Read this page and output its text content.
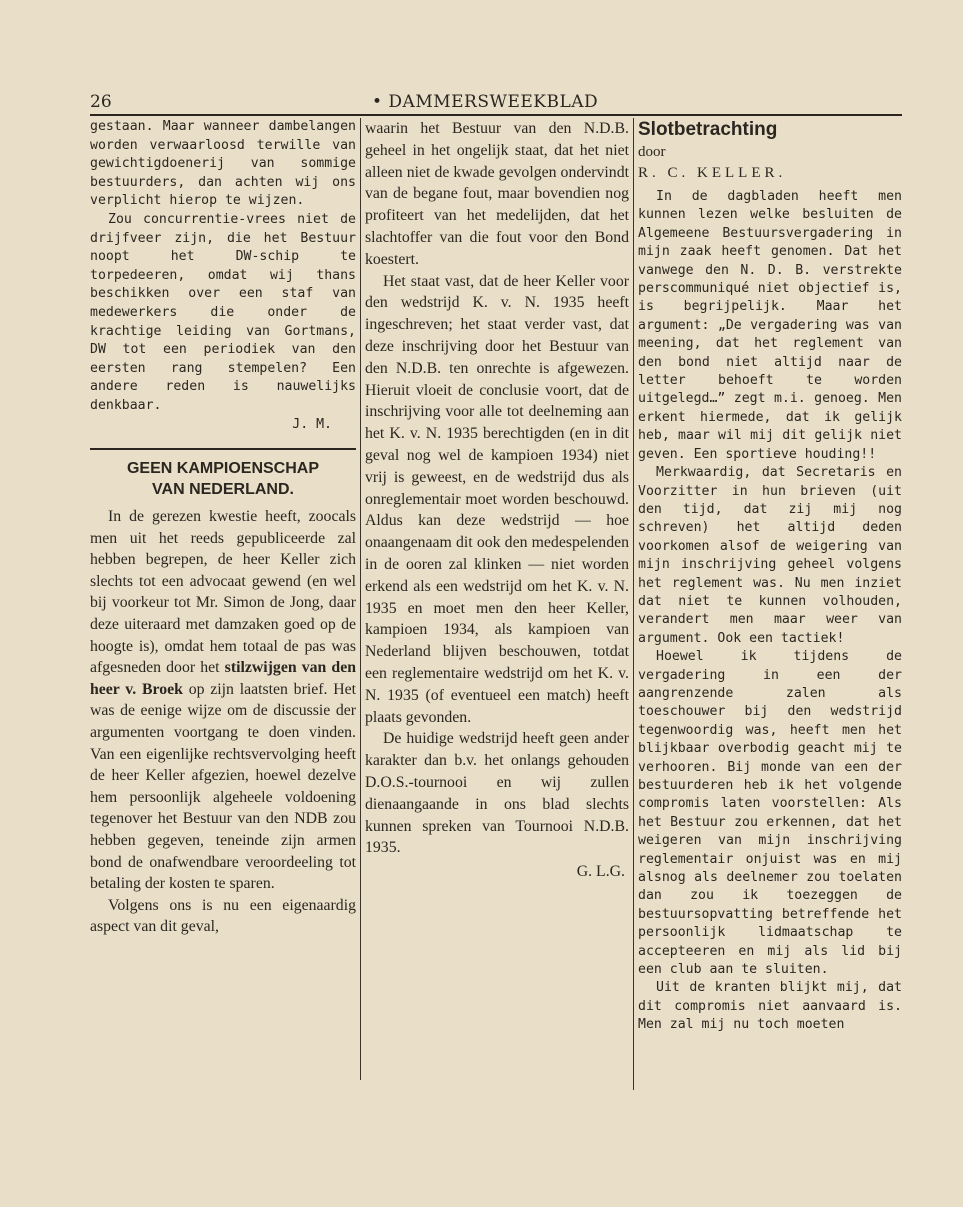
26	• DAMMERSWEEKBLAD

gestaan. Maar wanneer dambelangen worden verwaarloosd terwille van gewichtigdoenerij van sommige bestuurders, dan achten wij ons verplicht hierop te wijzen.

Zou concurrentie-vrees niet de drijfveer zijn, die het Bestuur noopt het DW-schip te torpedeeren, omdat wij thans beschikken over een staf van medewerkers die onder de krachtige leiding van Gortmans, DW tot een periodiek van den eersten rang stempelen? Een andere reden is nauwelijks denkbaar.

J. M.

GEEN KAMPIOENSCHAP
VAN NEDERLAND.

In de gerezen kwestie heeft, zoocals men uit het reeds gepubliceerde zal hebben begrepen, de heer Keller zich slechts tot een advocaat gewend (en wel bij voorkeur tot Mr. Simon de Jong, daar deze uiteraard met damzaken goed op de hoogte is), omdat hem totaal de pas was afgesneden door het stilzwijgen van den heer v. Broek op zijn laatsten brief. Het was de eenige wijze om de discussie der argumenten voortgang te doen vinden. Van een eigenlijke rechtsvervolging heeft de heer Keller afgezien, hoewel dezelve hem persoonlijk algeheele voldoening tegenover het Bestuur van den NDB zou hebben gegeven, teneinde zijn armen bond de onafwendbare veroordeeling tot betaling der kosten te sparen.

Volgens ons is nu een eigenaardig aspect van dit geval,

waarin het Bestuur van den N.D.B. geheel in het ongelijk staat, dat het niet alleen niet de kwade gevolgen ondervindt van de begane fout, maar bovendien nog profiteert van het medelijden, dat het slachtoffer van die fout voor den Bond koestert.

Het staat vast, dat de heer Keller voor den wedstrijd K. v. N. 1935 heeft ingeschreven; het staat verder vast, dat deze inschrijving door het Bestuur van den N.D.B. ten onrechte is afgewezen. Hieruit vloeit de conclusie voort, dat de inschrijving voor alle tot deelneming aan het K. v. N. 1935 berechtigden (en in dit geval nog wel de kampioen 1934) niet vrij is geweest, en de wedstrijd dus als onreglementair moet worden beschouwd. Aldus kan deze wedstrijd — hoe onaangenaam dit ook den medespelenden in de ooren zal klinken — niet worden erkend als een wedstrijd om het K. v. N. 1935 en moet men den heer Keller, kampioen 1934, als kampioen van Nederland blijven beschouwen, totdat een reglementaire wedstrijd om het K. v. N. 1935 (of eventueel een match) heeft plaats gevonden.

De huidige wedstrijd heeft geen ander karakter dan b.v. het onlangs gehouden D.O.S.-tournooi en wij zullen dienaangaande in ons blad slechts kunnen spreken van Tournooi N.D.B. 1935.

G. L.G.

Slotbetrachting

door

R. C. KELLER.

In de dagbladen heeft men kunnen lezen welke besluiten de Algemeene Bestuursvergadering in mijn zaak heeft genomen. Dat het vanwege den N. D. B. verstrekte perscommuniqué niet objectief is, is begrijpelijk. Maar het argument: „De vergadering was van meening, dat het reglement van den bond niet altijd naar de letter behoeft te worden uitgelegd…” zegt m.i. genoeg. Men erkent hiermede, dat ik gelijk heb, maar wil mij dit gelijk niet geven. Een sportieve houding!!

Merkwaardig, dat Secretaris en Voorzitter in hun brieven (uit den tijd, dat zij mij nog schreven) het altijd deden voorkomen alsof de weigering van mijn inschrijving geheel volgens het reglement was. Nu men inziet dat niet te kunnen volhouden, verandert men maar weer van argument. Ook een tactiek!

Hoewel ik tijdens de vergadering in een der aangrenzende zalen als toeschouwer bij den wedstrijd tegenwoordig was, heeft men het blijkbaar overbodig geacht mij te verhooren. Bij monde van een der bestuurderen heb ik het volgende compromis laten voorstellen: Als het Bestuur zou erkennen, dat het weigeren van mijn inschrijving reglementair onjuist was en mij alsnog als deelnemer zou toelaten dan zou ik toezeggen de bestuursopvatting betreffende het persoonlijk lidmaatschap te accepteeren en mij als lid bij een club aan te sluiten.

Uit de kranten blijkt mij, dat dit compromis niet aanvaard is. Men zal mij nu toch moeten
